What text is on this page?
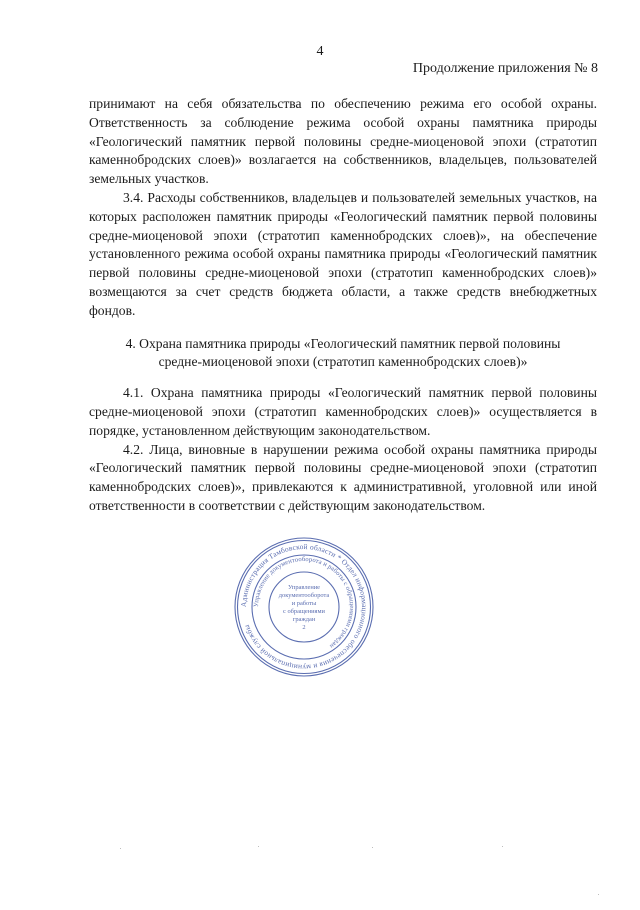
4

Продолжение приложения № 8

принимают на себя обязательства по обеспечению режима его особой охраны. Ответственность за соблюдение режима особой охраны памятника природы «Геологический памятник первой половины средне-миоценовой эпохи (стратотип каменнобродских слоев)» возлагается на собственников, владельцев, пользователей земельных участков.

3.4. Расходы собственников, владельцев и пользователей земельных участков, на которых расположен памятник природы «Геологический памятник первой половины средне-миоценовой эпохи (стратотип каменнобродских слоев)», на обеспечение установленного режима особой охраны памятника природы «Геологический памятник первой половины средне-миоценовой эпохи (стратотип каменнобродских слоев)» возмещаются за счет средств бюджета области, а также средств внебюджетных фондов.

4. Охрана памятника природы «Геологический памятник первой половины
средне-миоценовой эпохи (стратотип каменнобродских слоев)»

4.1. Охрана памятника природы «Геологический памятник первой половины средне-миоценовой эпохи (стратотип каменнобродских слоев)» осуществляется в порядке, установленном действующим законодательством.

4.2. Лица, виновные в нарушении режима особой охраны памятника природы «Геологический памятник первой половины средне-миоценовой эпохи (стратотип каменнобродских слоев)», привлекаются к административной, уголовной или иной ответственности в соответствии с действующим законодательством.

Администрация Тамбовской области * Отдел информационного обеспечения и муниципальной службы
Управление документооборота и работы с обращениями граждан
Управление
документооборота
и работы
с обращениями
граждан
2
